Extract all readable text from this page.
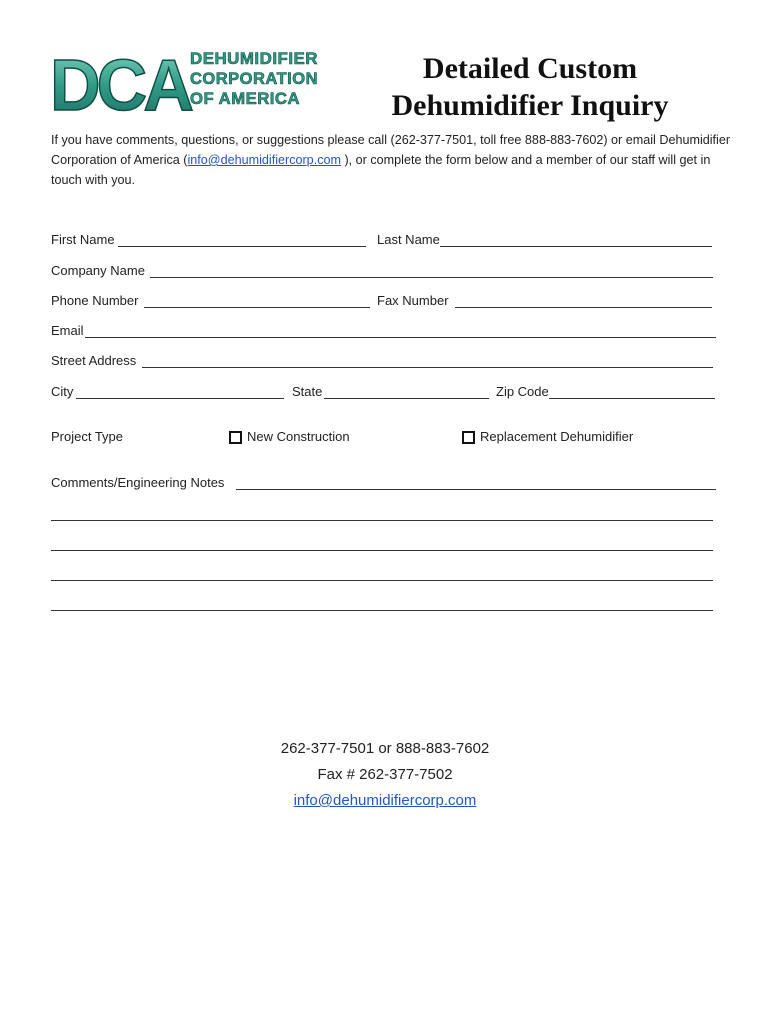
DCA
DEHUMIDIFIER
CORPORATION
OF AMERICA
Detailed Custom
Dehumidifier Inquiry
If you have comments, questions, or suggestions please call (262-377-7501, toll free 888-883-7602) or email Dehumidifier Corporation of America (info@dehumidifiercorp.com ), or complete the form below and a member of our staff will get in touch with you.
First Name	Last Name
Company Name
Phone Number	Fax Number
Email
Street Address
City	State	Zip Code
Project Type	New Construction	Replacement Dehumidifier
Comments/Engineering Notes
262-377-7501 or 888-883-7602
Fax # 262-377-7502
info@dehumidifiercorp.com
